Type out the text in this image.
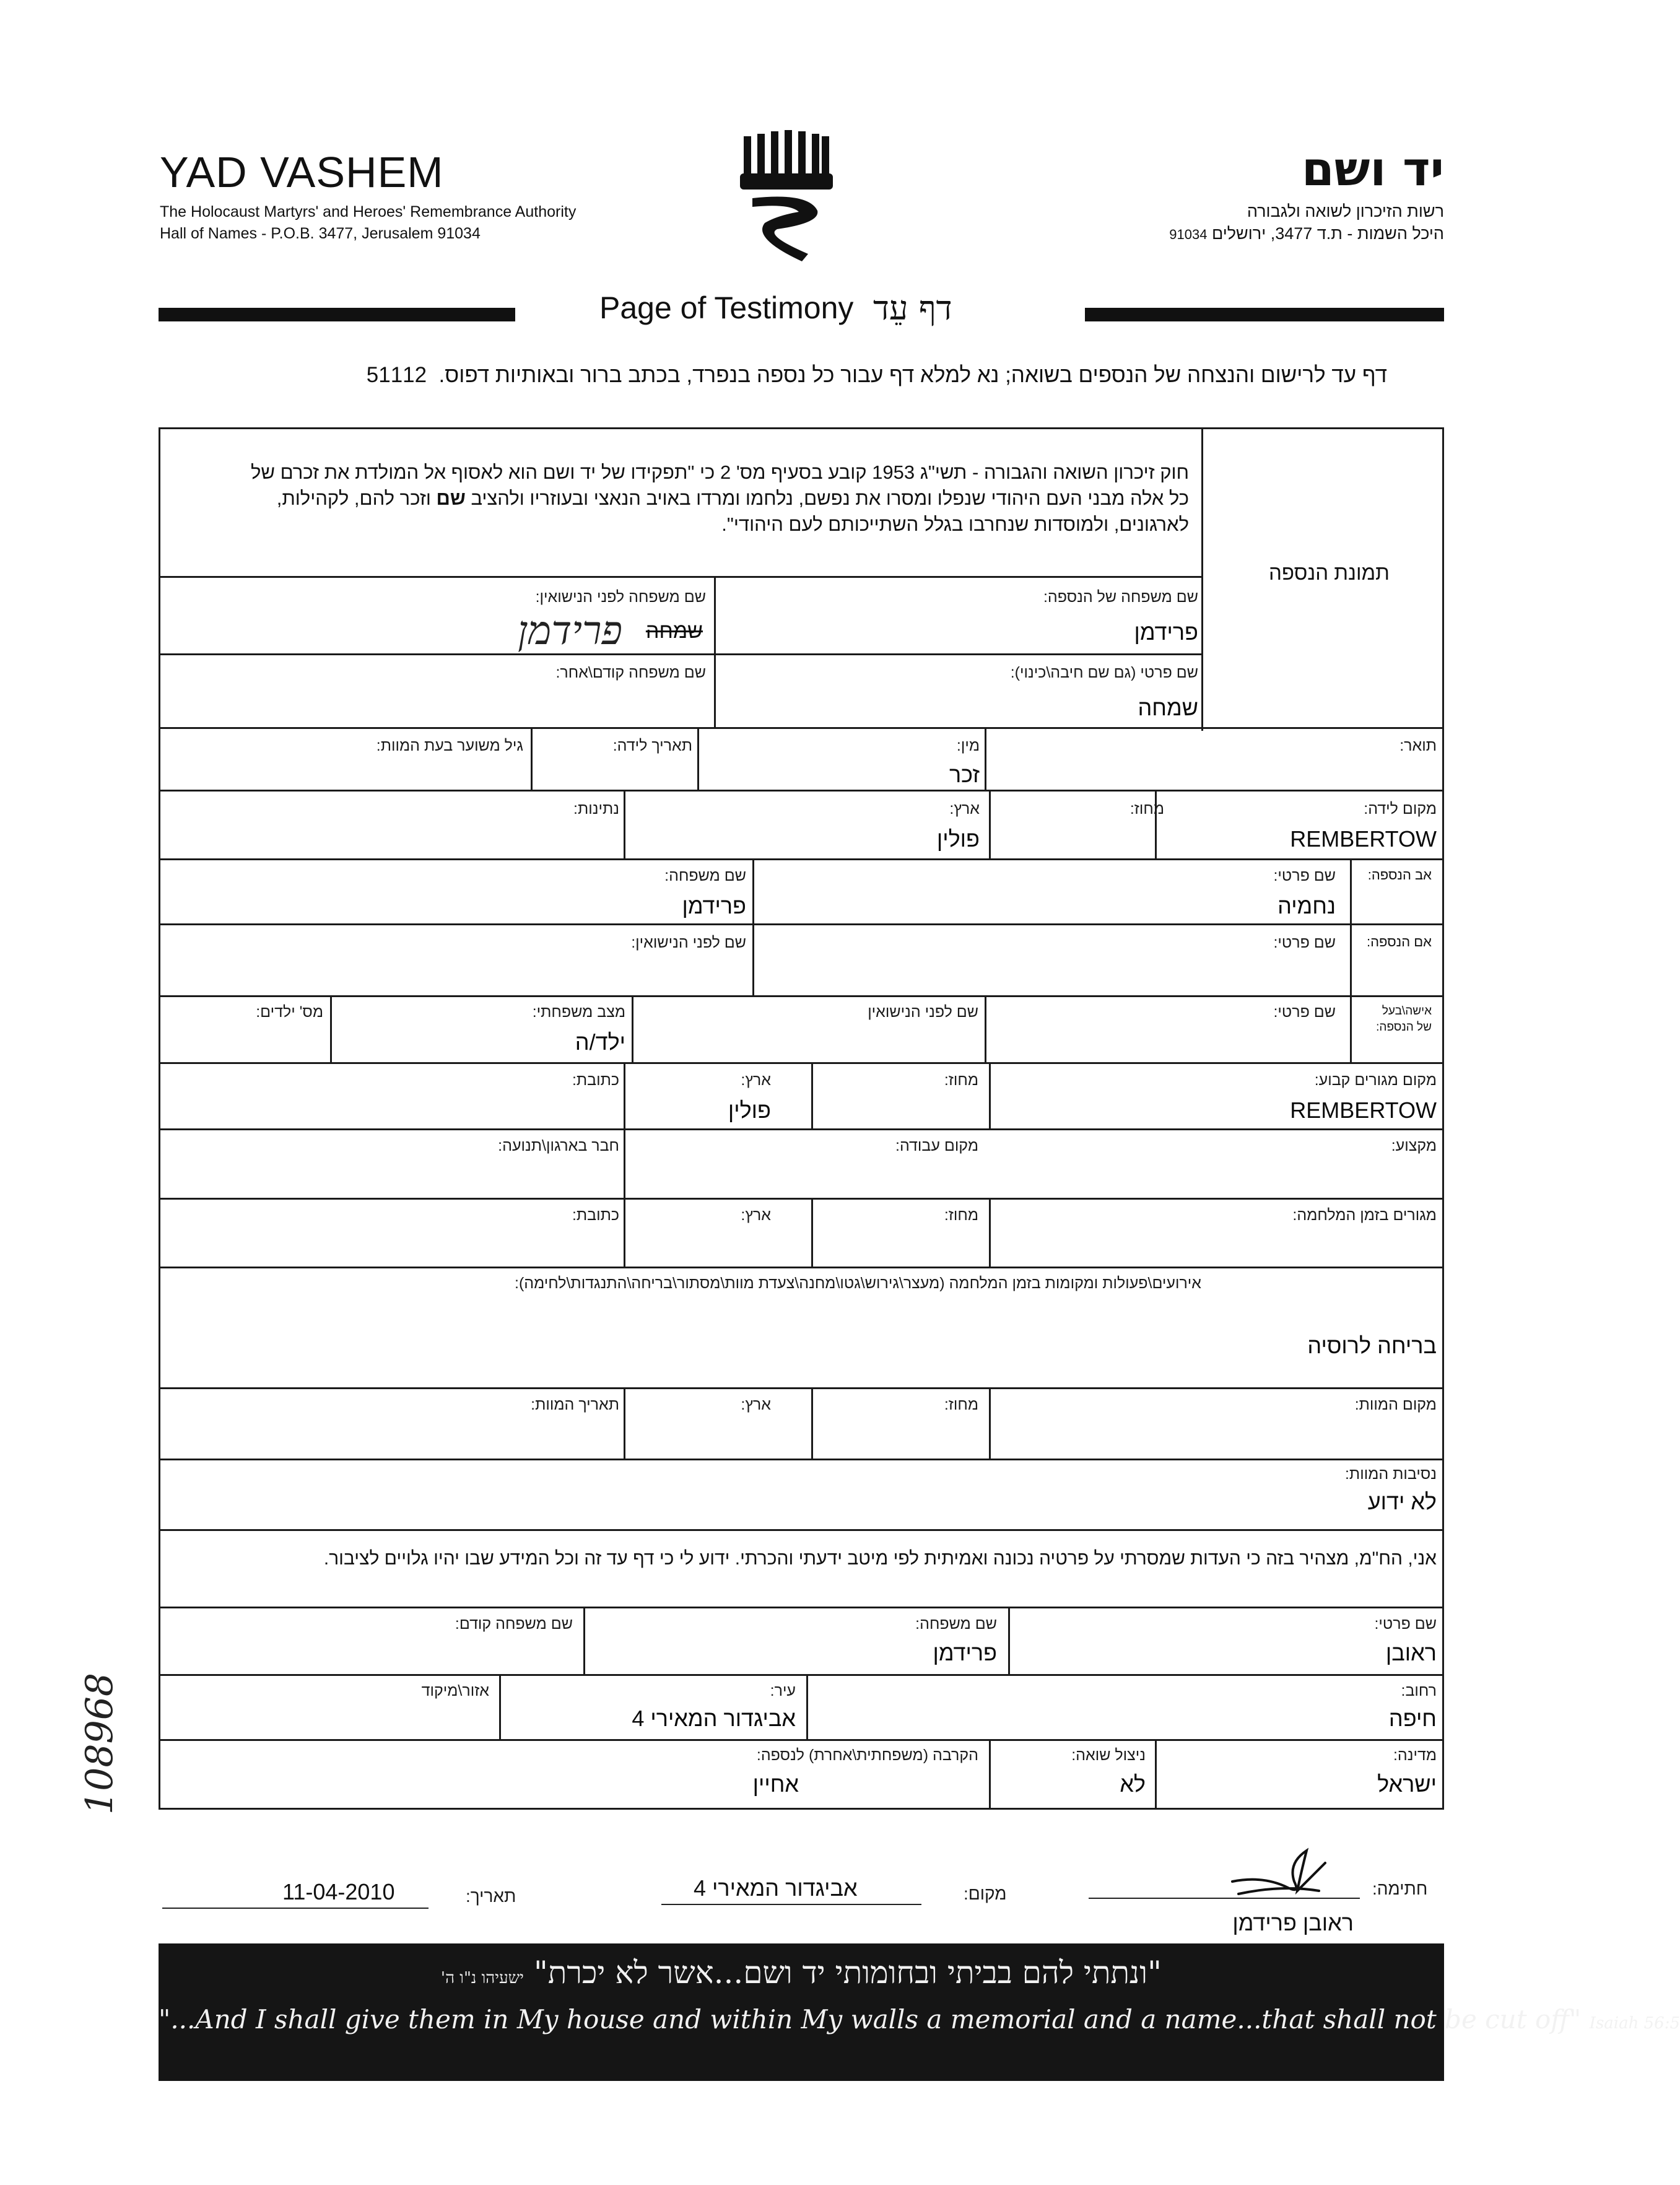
YAD VASHEM
The Holocaust Martyrs' and Heroes' Remembrance Authority
Hall of Names - P.O.B. 3477, Jerusalem 91034
יד ושם
רשות הזיכרון לשואה ולגבורה
היכל השמות - ת.ד 3477, ירושלים 91034
Page of Testimony דף עֵד
דף עד לרישום והנצחה של הנספים בשואה; נא למלא דף עבור כל נספה בנפרד, בכתב ברור ובאותיות דפוס.  51112
חוק זיכרון השואה והגבורה - תשי"ג 1953 קובע בסעיף מס' 2 כי "תפקידו של יד ושם הוא לאסוף אל המולדת את זכרם של
כל אלה מבני העם היהודי שנפלו ומסרו את נפשם, נלחמו ומרדו באויב הנאצי ובעוזריו ולהציב שם וזכר להם, לקהילות,
לארגונים, ולמוסדות שנחרבו בגלל השתייכותם לעם היהודי".
תמונת הנספה
שם משפחה של הנספה:
פרידמן
שם משפחה לפני הנישואין:
שמחה
פרידמן
שם פרטי (גם שם חיבה\כינוי):
שמחה
שם משפחה קודם\אחר:
תואר:
מין:
זכר
תאריך לידה:
גיל משוער בעת המוות:
מקום לידה:
REMBERTOW
מחוז:
ארץ:
פולין
נתינות:
אב הנספה:
שם פרטי:
נחמיה
שם משפחה:
פרידמן
אם הנספה:
שם פרטי:
שם לפני הנישואין:
אישה\בעל
של הנספה:
שם פרטי:
שם לפני הנישואין
מצב משפחתי:
ילד/ה
מס' ילדים:
מקום מגורים קבוע:
REMBERTOW
מחוז:
ארץ:
פולין
כתובת:
מקצוע:
מקום עבודה:
חבר בארגון\תנועה:
מגורים בזמן המלחמה:
מחוז:
ארץ:
כתובת:
אירועים\פעולות ומקומות בזמן המלחמה (מעצר\גירוש\גטו\מחנה\צעדת מוות\מסתור\בריחה\התנגדות\לחימה):
בריחה לרוסיה
מקום המוות:
מחוז:
ארץ:
תאריך המוות:
נסיבות המוות:
לא ידוע
אני, הח"מ, מצהיר בזה כי העדות שמסרתי על פרטיה נכונה ואמיתית לפי מיטב ידעתי והכרתי. ידוע לי כי דף עד זה וכל המידע שבו יהיו גלויים לציבור.
שם פרטי:
ראובן
שם משפחה:
פרידמן
שם משפחה קודם:
רחוב:
חיפה
עיר:
אביגדור המאירי 4
אזור\מיקוד
מדינה:
ישראל
ניצול שואה:
לא
הקרבה (משפחתית\אחרת) לנספה:
אחיין
108968
11-04-2010	תאריך:	אביגדור המאירי 4	מקום:	חתימה:
ראובן פרידמן
"ונתתי להם בביתי ובחומותי יד ושם...אשר לא יכרת" ישעיהו נ"ו ה'
"...And I shall give them in My house and within My walls a memorial and a name...that shall not be cut off" Isaiah 56:5
